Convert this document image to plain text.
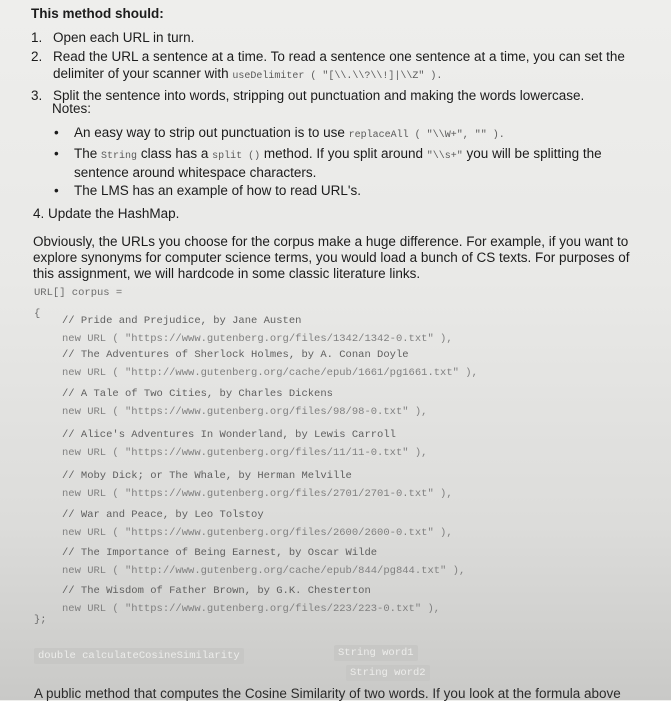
This method should:
1. Open each URL in turn.
2. Read the URL a sentence at a time. To read a sentence one sentence at a time, you can set the delimiter of your scanner with useDelimiter ( "[\\.\\?\\!]|\\Z" ).
3. Split the sentence into words, stripping out punctuation and making the words lowercase.
Notes:
• An easy way to strip out punctuation is to use replaceAll ( "\\W+", "" ).
• The String class has a split () method. If you split around "\\s+" you will be splitting the sentence around whitespace characters.
• The LMS has an example of how to read URL's.
4. Update the HashMap.
Obviously, the URLs you choose for the corpus make a huge difference. For example, if you want to explore synonyms for computer science terms, you would load a bunch of CS texts. For purposes of this assignment, we will hardcode in some classic literature links.
URL[] corpus =
{
// Pride and Prejudice, by Jane Austen
new URL ( "https://www.gutenberg.org/files/1342/1342-0.txt" ),
// The Adventures of Sherlock Holmes, by A. Conan Doyle
new URL ( "http://www.gutenberg.org/cache/epub/1661/pg1661.txt" ),
// A Tale of Two Cities, by Charles Dickens
new URL ( "https://www.gutenberg.org/files/98/98-0.txt" ),
// Alice's Adventures In Wonderland, by Lewis Carroll
new URL ( "https://www.gutenberg.org/files/11/11-0.txt" ),
// Moby Dick; or The Whale, by Herman Melville
new URL ( "https://www.gutenberg.org/files/2701/2701-0.txt" ),
// War and Peace, by Leo Tolstoy
new URL ( "https://www.gutenberg.org/files/2600/2600-0.txt" ),
// The Importance of Being Earnest, by Oscar Wilde
new URL ( "http://www.gutenberg.org/cache/epub/844/pg844.txt" ),
// The Wisdom of Father Brown, by G.K. Chesterton
new URL ( "https://www.gutenberg.org/files/223/223-0.txt" ),
};
double calculateCosineSimilarity	String word1
String word2
A public method that computes the Cosine Similarity of two words. If you look at the formula above
